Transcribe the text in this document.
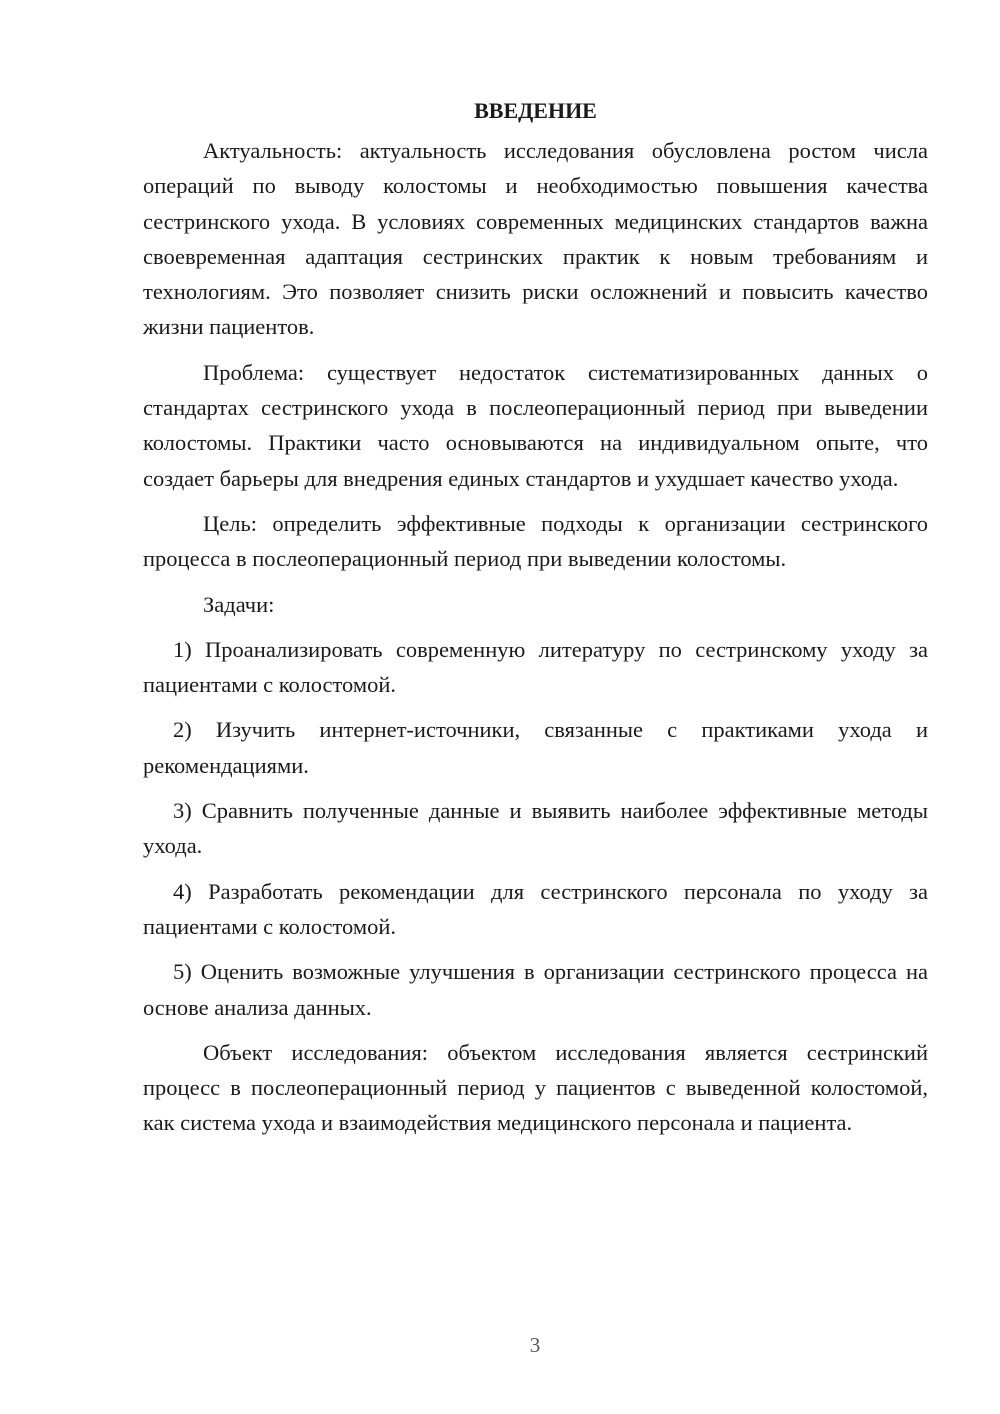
ВВЕДЕНИЕ

Актуальность: актуальность исследования обусловлена ростом числа операций по выводу колостомы и необходимостью повышения качества сестринского ухода. В условиях современных медицинских стандартов важна своевременная адаптация сестринских практик к новым требованиям и технологиям. Это позволяет снизить риски осложнений и повысить качество жизни пациентов.

Проблема: существует недостаток систематизированных данных о стандартах сестринского ухода в послеоперационный период при выведении колостомы. Практики часто основываются на индивидуальном опыте, что создает барьеры для внедрения единых стандартов и ухудшает качество ухода.

Цель: определить эффективные подходы к организации сестринского процесса в послеоперационный период при выведении колостомы.

Задачи:

1) Проанализировать современную литературу по сестринскому уходу за пациентами с колостомой.

2) Изучить интернет-источники, связанные с практиками ухода и рекомендациями.

3) Сравнить полученные данные и выявить наиболее эффективные методы ухода.

4) Разработать рекомендации для сестринского персонала по уходу за пациентами с колостомой.

5) Оценить возможные улучшения в организации сестринского процесса на основе анализа данных.

Объект исследования: объектом исследования является сестринский процесс в послеоперационный период у пациентов с выведенной колостомой, как система ухода и взаимодействия медицинского персонала и пациента.

3
